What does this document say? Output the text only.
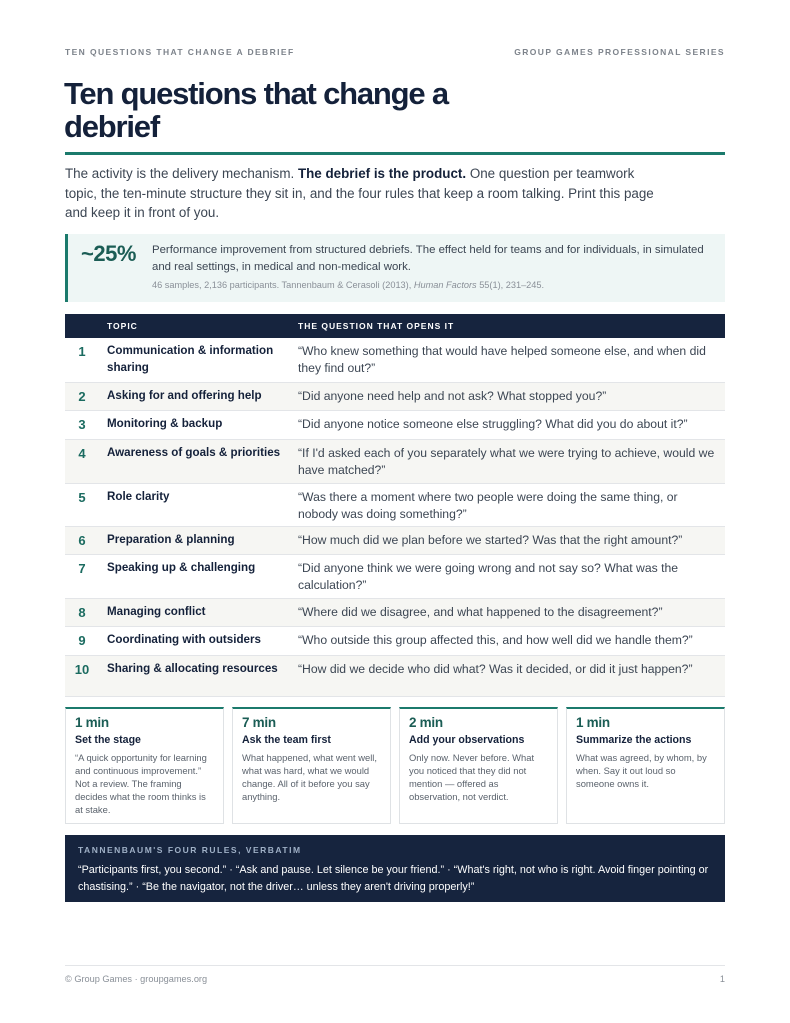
TEN QUESTIONS THAT CHANGE A DEBRIEF	GROUP GAMES PROFESSIONAL SERIES
Ten questions that change a debrief

The activity is the delivery mechanism. The debrief is the product. One question per teamwork topic, the ten-minute structure they sit in, and the four rules that keep a room talking. Print this page and keep it in front of you.

~25% Performance improvement from structured debriefs. The effect held for teams and for individuals, in simulated and real settings, in medical and non-medical work.
46 samples, 2,136 participants. Tannenbaum & Cerasoli (2013), Human Factors 55(1), 231–245.
	TOPIC	THE QUESTION THAT OPENS IT
1	Communication & information sharing	“Who knew something that would have helped someone else, and when did they find out?”
2	Asking for and offering help	“Did anyone need help and not ask? What stopped you?”
3	Monitoring & backup	“Did anyone notice someone else struggling? What did you do about it?”
4	Awareness of goals & priorities	“If I'd asked each of you separately what we were trying to achieve, would we have matched?”
5	Role clarity	“Was there a moment where two people were doing the same thing, or nobody was doing something?”
6	Preparation & planning	“How much did we plan before we started? Was that the right amount?”
7	Speaking up & challenging	“Did anyone think we were going wrong and not say so? What was the calculation?”
8	Managing conflict	“Where did we disagree, and what happened to the disagreement?”
9	Coordinating with outsiders	“Who outside this group affected this, and how well did we handle them?”
10	Sharing & allocating resources	“How did we decide who did what? Was it decided, or did it just happen?”
1 min
Set the stage
“A quick opportunity for learning and continuous improvement.” Not a review. The framing decides what the room thinks is at stake.
7 min
Ask the team first
What happened, what went well, what was hard, what we would change. All of it before you say anything.
2 min
Add your observations
Only now. Never before. What you noticed that they did not mention — offered as observation, not verdict.
1 min
Summarize the actions
What was agreed, by whom, by when. Say it out loud so someone owns it.
TANNENBAUM'S FOUR RULES, VERBATIM
“Participants first, you second.” · “Ask and pause. Let silence be your friend.” · “What's right, not who is right. Avoid finger pointing or chastising.” · “Be the navigator, not the driver… unless they aren't driving properly!”
© Group Games · groupgames.org	1
